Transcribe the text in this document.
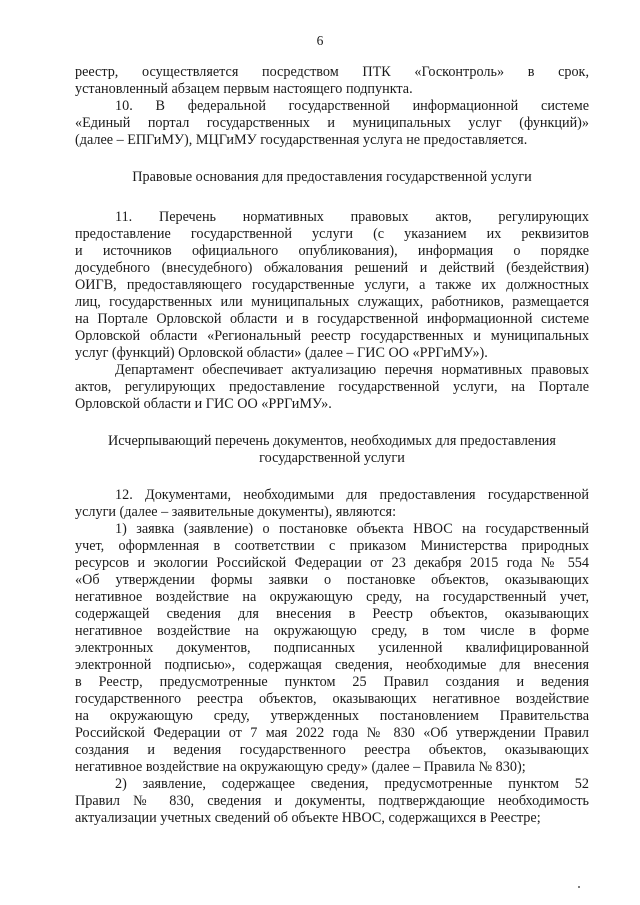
6
реестр, осуществляется посредством ПТК «Госконтроль» в срок,
установленный абзацем первым настоящего подпункта.
10. В федеральной государственной информационной системе
«Единый портал государственных и муниципальных услуг (функций)»
(далее – ЕПГиМУ), МЦГиМУ государственная услуга не предоставляется.
Правовые основания для предоставления государственной услуги
11. Перечень нормативных правовых актов, регулирующих
предоставление государственной услуги (с указанием их реквизитов
и источников официального опубликования), информация о порядке
досудебного (внесудебного) обжалования решений и действий (бездействия)
ОИГВ, предоставляющего государственные услуги, а также их должностных
лиц, государственных или муниципальных служащих, работников, размещается
на Портале Орловской области и в государственной информационной системе
Орловской области «Региональный реестр государственных и муниципальных
услуг (функций) Орловской области» (далее – ГИС ОО «РРГиМУ»).
Департамент обеспечивает актуализацию перечня нормативных правовых
актов, регулирующих предоставление государственной услуги, на Портале
Орловской области и ГИС ОО «РРГиМУ».
Исчерпывающий перечень документов, необходимых для предоставления
государственной услуги
12. Документами, необходимыми для предоставления государственной
услуги (далее – заявительные документы), являются:
1) заявка (заявление) о постановке объекта НВОС на государственный
учет, оформленная в соответствии с приказом Министерства природных
ресурсов и экологии Российской Федерации от 23 декабря 2015 года № 554
«Об утверждении формы заявки о постановке объектов, оказывающих
негативное воздействие на окружающую среду, на государственный учет,
содержащей сведения для внесения в Реестр объектов, оказывающих
негативное воздействие на окружающую среду, в том числе в форме
электронных документов, подписанных усиленной квалифицированной
электронной подписью», содержащая сведения, необходимые для внесения
в Реестр, предусмотренные пунктом 25 Правил создания и ведения
государственного реестра объектов, оказывающих негативное воздействие
на окружающую среду, утвержденных постановлением Правительства
Российской Федерации от 7 мая 2022 года № 830 «Об утверждении Правил
создания и ведения государственного реестра объектов, оказывающих
негативное воздействие на окружающую среду» (далее – Правила № 830);
2) заявление, содержащее сведения, предусмотренные пунктом 52
Правил № 830, сведения и документы, подтверждающие необходимость
актуализации учетных сведений об объекте НВОС, содержащихся в Реестре;
